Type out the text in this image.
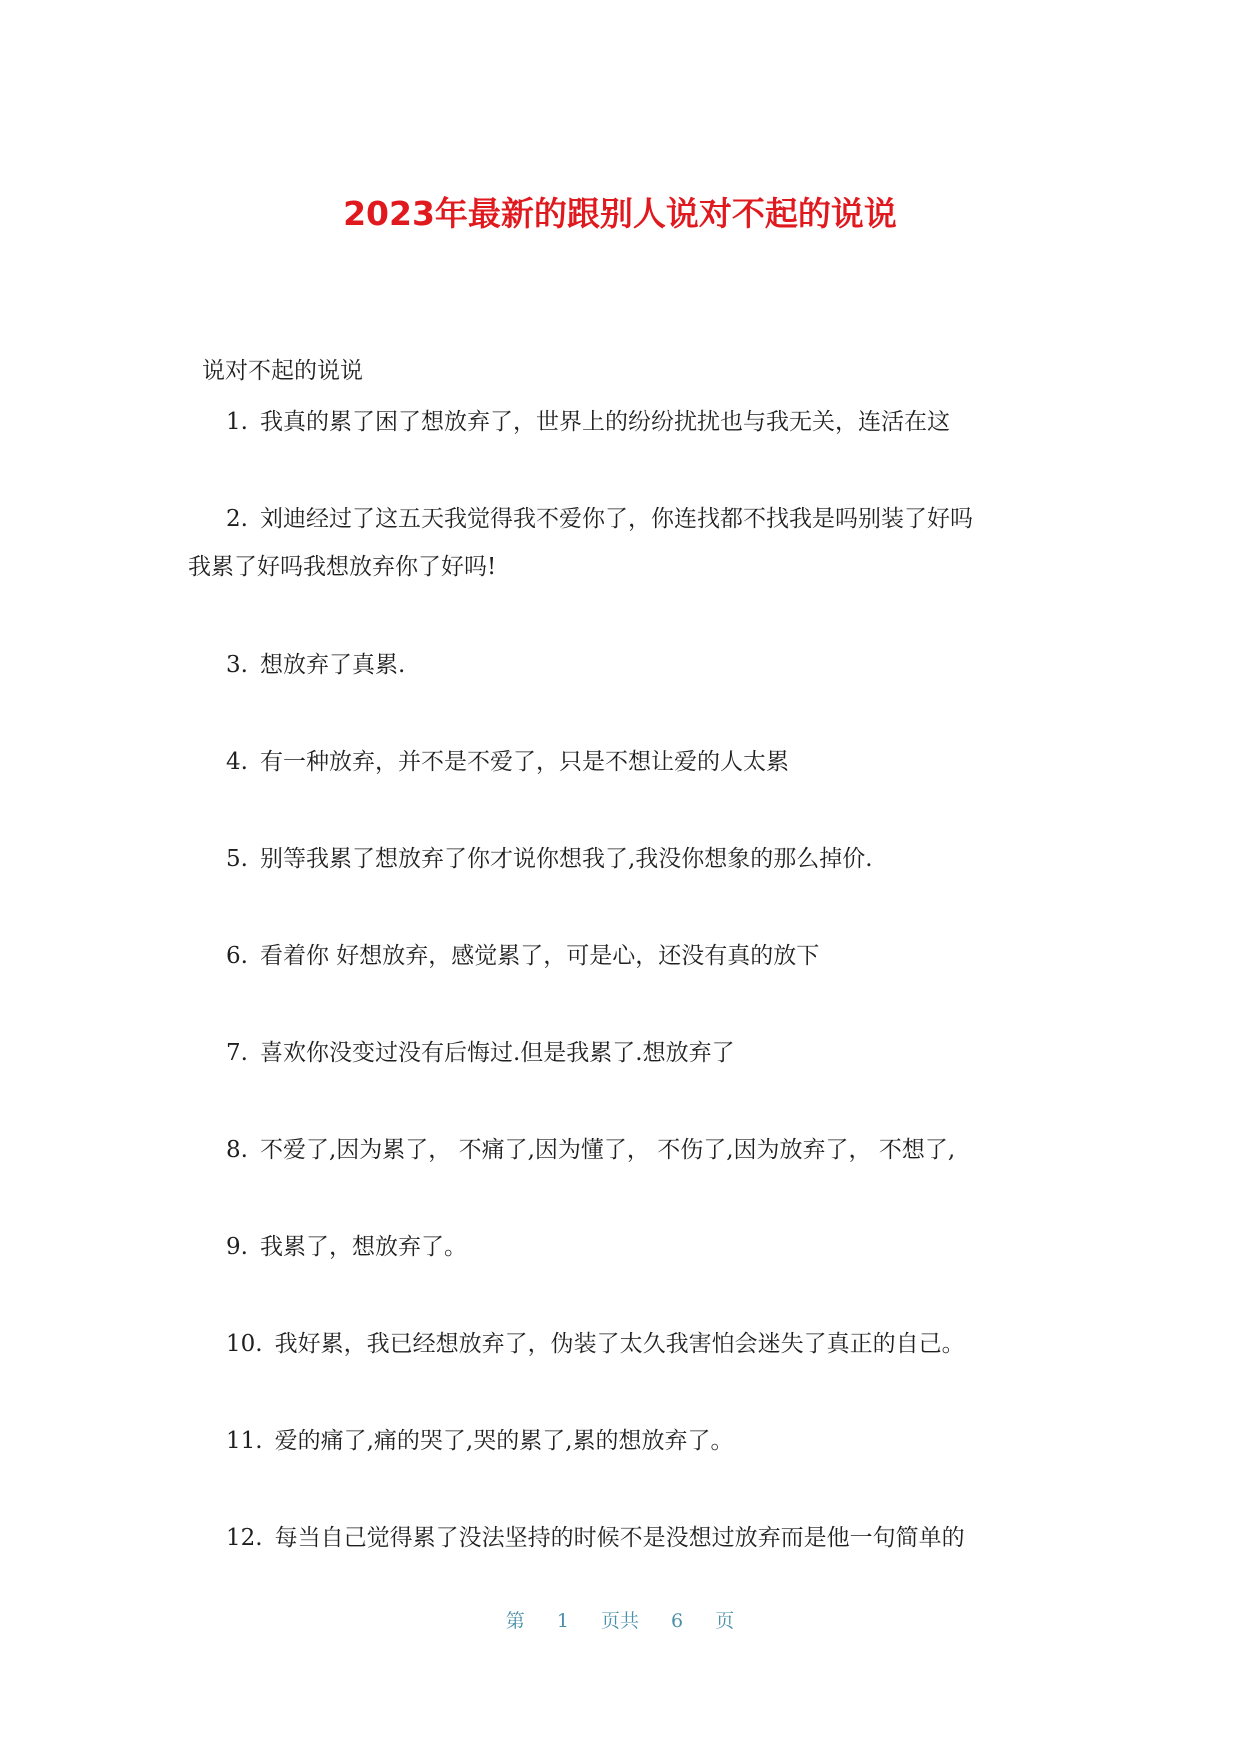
2023年最新的跟别人说对不起的说说

说对不起的说说

1. 我真的累了困了想放弃了，世界上的纷纷扰扰也与我无关，连活在这
2. 刘迪经过了这五天我觉得我不爱你了，你连找都不找我是吗别装了好吗
我累了好吗我想放弃你了好吗!
3. 想放弃了真累.
4. 有一种放弃，并不是不爱了，只是不想让爱的人太累
5. 别等我累了想放弃了你才说你想我了,我没你想象的那么掉价.
6. 看着你 好想放弃，感觉累了，可是心，还没有真的放下
7. 喜欢你没变过没有后悔过.但是我累了.想放弃了
8. 不爱了,因为累了， 不痛了,因为懂了， 不伤了,因为放弃了， 不想了,
9. 我累了，想放弃了。
10. 我好累，我已经想放弃了，伪装了太久我害怕会迷失了真正的自己。
11. 爱的痛了,痛的哭了,哭的累了,累的想放弃了。
12. 每当自己觉得累了没法坚持的时候不是没想过放弃而是他一句简单的

第 1 页共 6 页
